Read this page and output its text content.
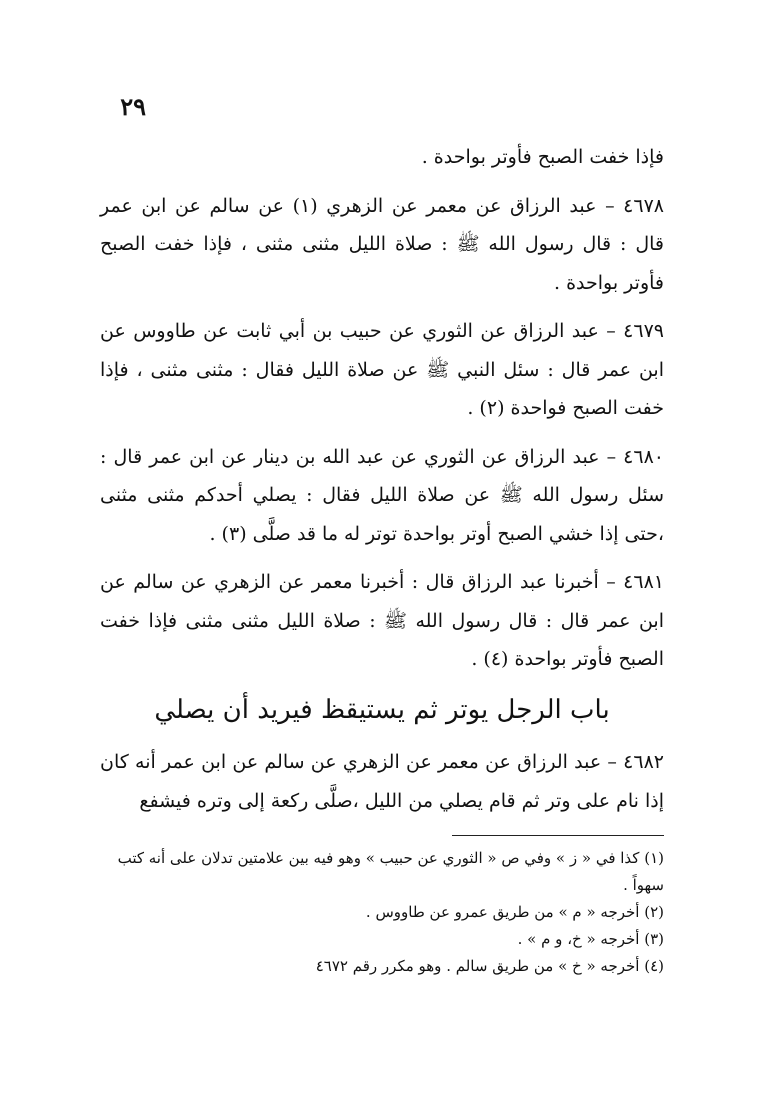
٢٩

فإذا خفت الصبح فأوتر بواحدة .

٤٦٧٨ – عبد الرزاق عن معمر عن الزهري (١) عن سالم عن ابن عمر قال : قال رسول الله ﷺ : صلاة الليل مثنى مثنى ، فإذا خفت الصبح فأوتر بواحدة .

٤٦٧٩ – عبد الرزاق عن الثوري عن حبيب بن أبي ثابت عن طاووس عن ابن عمر قال : سئل النبي ﷺ عن صلاة الليل فقال : مثنى مثنى ، فإذا خفت الصبح فواحدة (٢) .

٤٦٨٠ – عبد الرزاق عن الثوري عن عبد الله بن دينار عن ابن عمر قال : سئل رسول الله ﷺ عن صلاة الليل فقال : يصلي أحدكم مثنى مثنى ،حتى إذا خشي الصبح أوتر بواحدة توتر له ما قد صلَّى (٣) .

٤٦٨١ – أخبرنا عبد الرزاق قال : أخبرنا معمر عن الزهري عن سالم عن ابن عمر قال : قال رسول الله ﷺ : صلاة الليل مثنى مثنى فإذا خفت الصبح فأوتر بواحدة (٤) .

باب الرجل يوتر ثم يستيقظ فيريد أن يصلي

٤٦٨٢ – عبد الرزاق عن معمر عن الزهري عن سالم عن ابن عمر أنه كان إذا نام على وتر ثم قام يصلي من الليل ،صلَّى ركعة إلى وتره فيشفع

(١) كذا في « ز » وفي ص « الثوري عن حبيب » وهو فيه بين علامتين تدلان على أنه كتب سهواً .

(٢) أخرجه « م » من طريق عمرو عن طاووس .

(٣) أخرجه « خ، و م » .

(٤) أخرجه « خ » من طريق سالم . وهو مكرر رقم ٤٦٧٢
